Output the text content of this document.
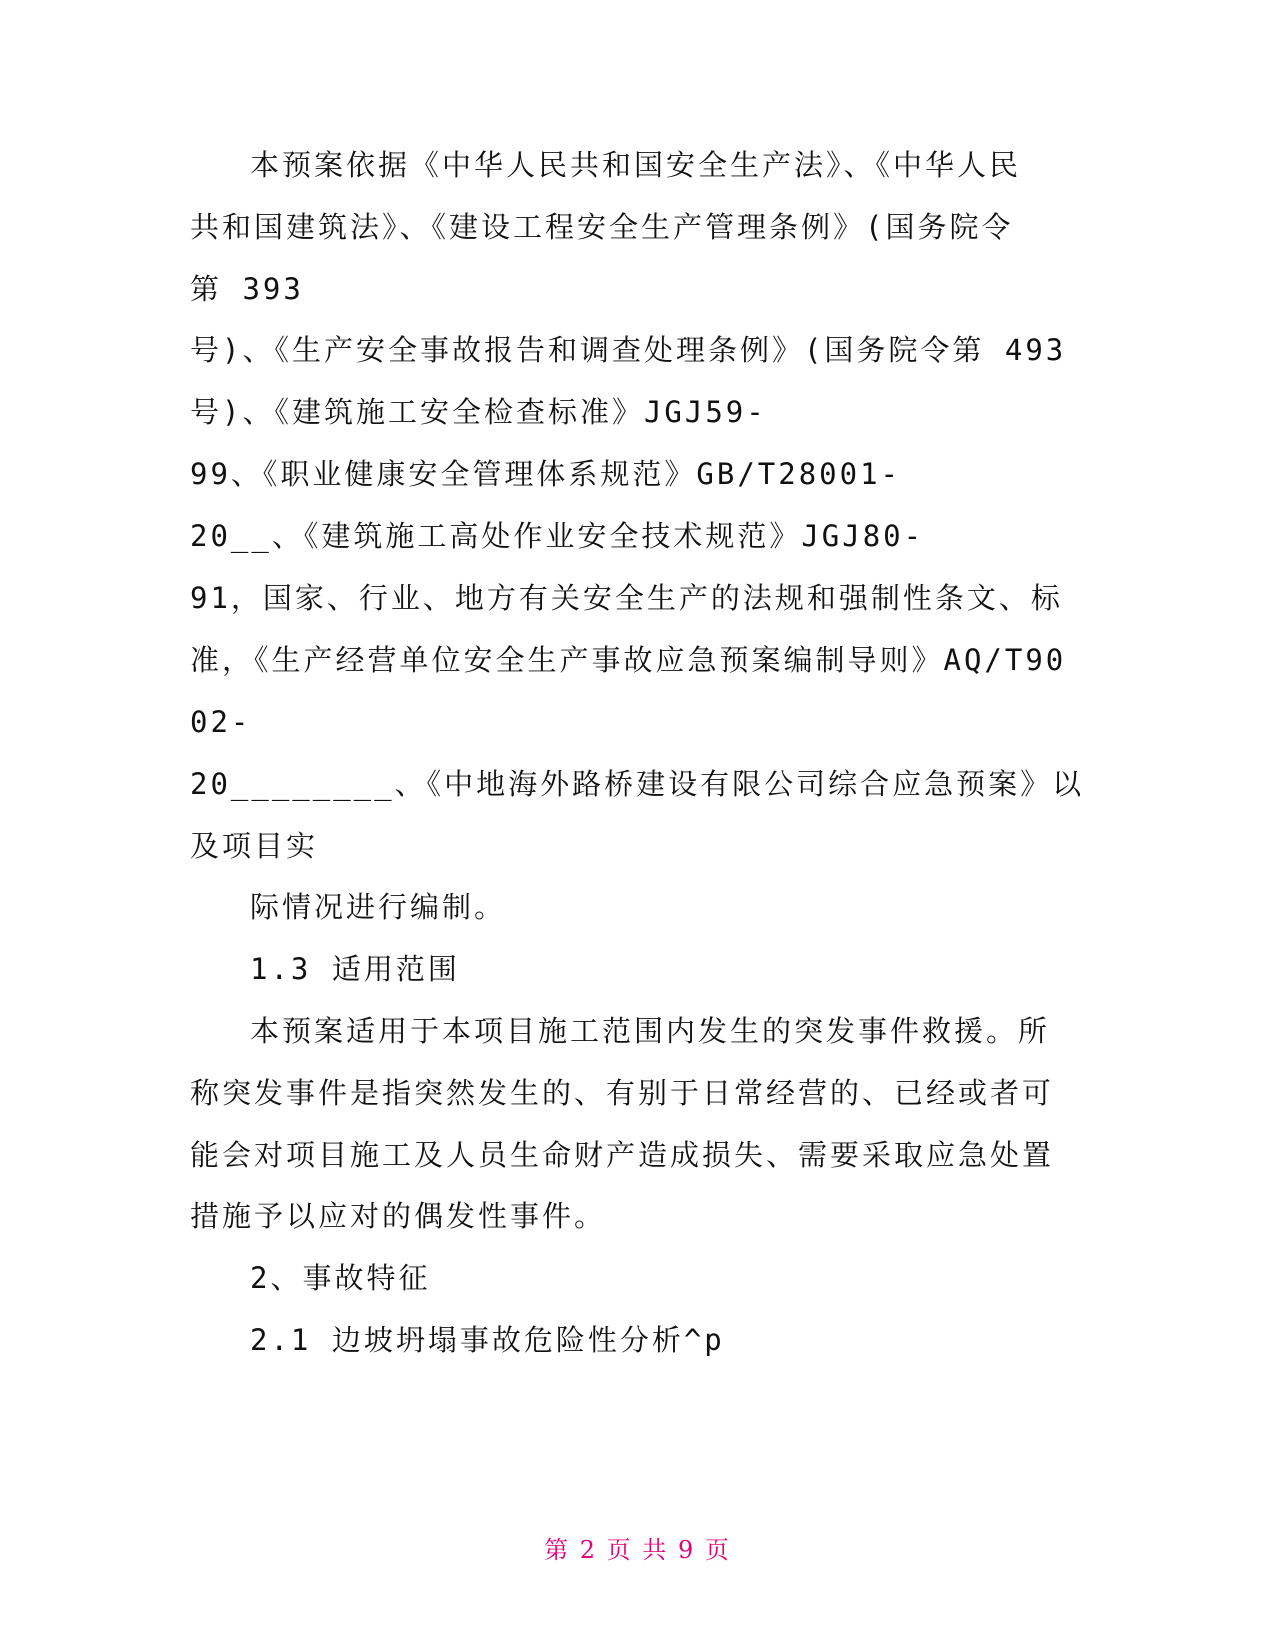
本预案依据《中华人民共和国安全生产法》、《中华人民
共和国建筑法》、《建设工程安全生产管理条例》(国务院令
第 393
号)、《生产安全事故报告和调查处理条例》(国务院令第 493
号)、《建筑施工安全检查标准》JGJ59-
99、《职业健康安全管理体系规范》GB/T28001-
20__、《建筑施工高处作业安全技术规范》JGJ80-
91，国家、行业、地方有关安全生产的法规和强制性条文、标
准，《生产经营单位安全生产事故应急预案编制导则》AQ/T90
02-
20________、《中地海外路桥建设有限公司综合应急预案》以
及项目实
际情况进行编制。
1.3 适用范围
本预案适用于本项目施工范围内发生的突发事件救援。所
称突发事件是指突然发生的、有别于日常经营的、已经或者可
能会对项目施工及人员生命财产造成损失、需要采取应急处置
措施予以应对的偶发性事件。
2、事故特征
2.1 边坡坍塌事故危险性分析^p
第 2 页 共 9 页
